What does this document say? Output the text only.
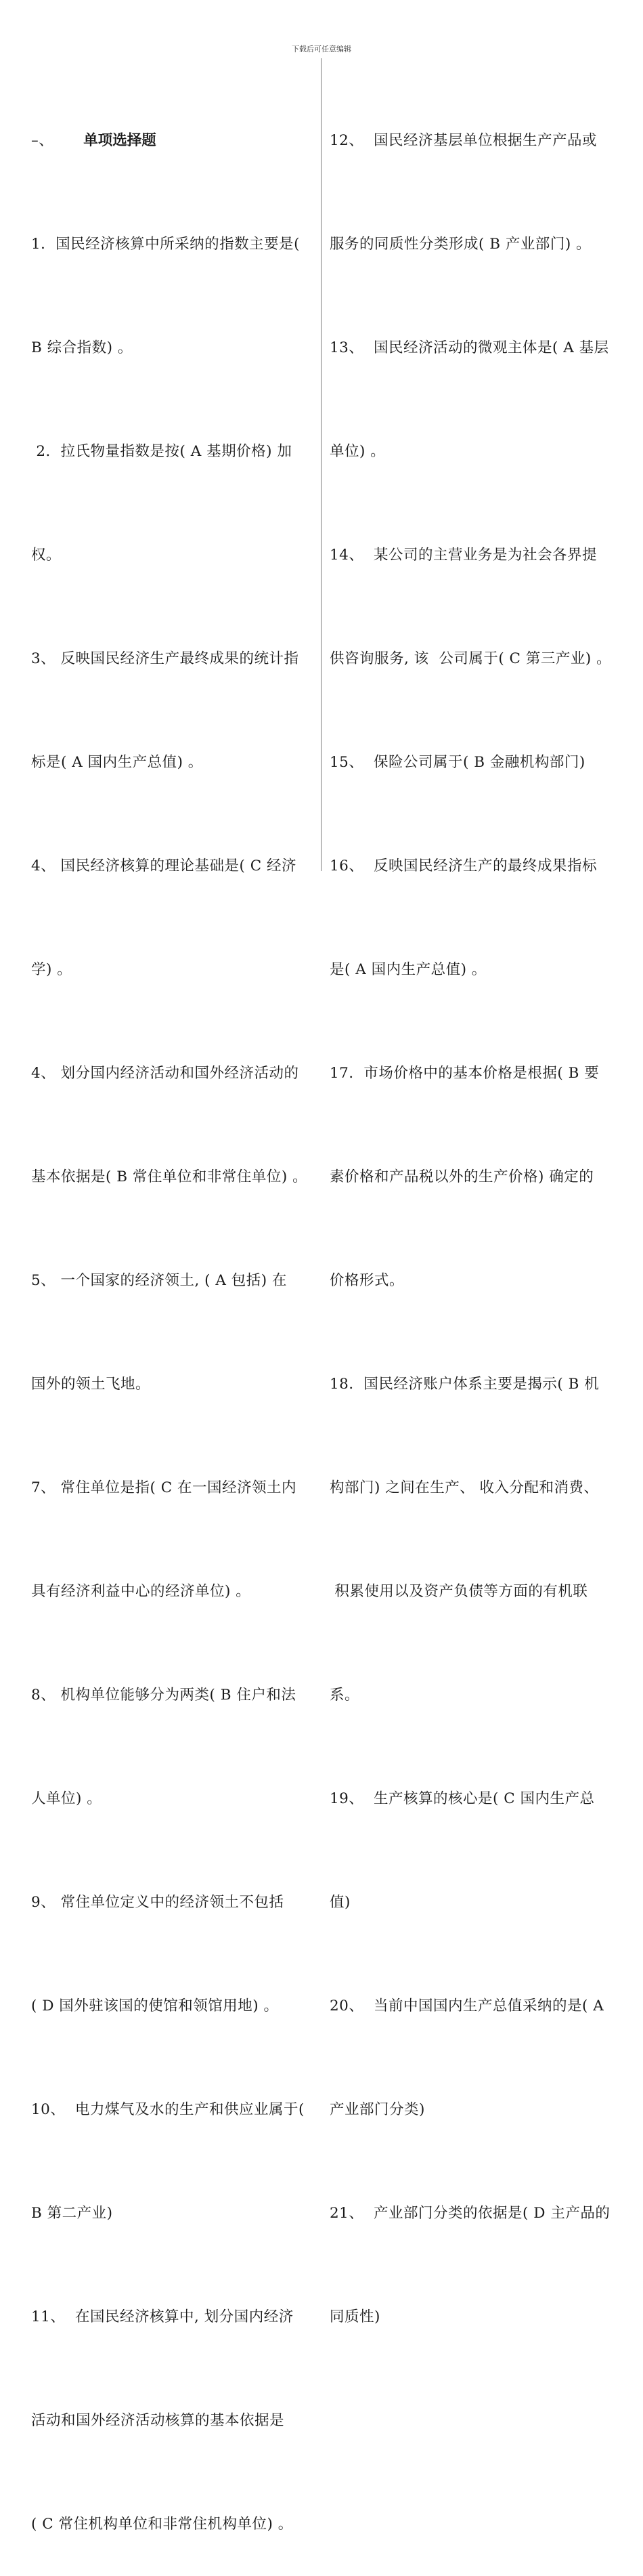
下载后可任意编辑

–、 单项选择题

1．国民经济核算中所采纳的指数主要是(

B 综合指数) 。

2．拉氏物量指数是按( A 基期价格) 加

权。

3、 反映国民经济生产最终成果的统计指

标是( A 国内生产总值) 。

4、 国民经济核算的理论基础是( C 经济

学) 。

4、 划分国内经济活动和国外经济活动的

基本依据是( B 常住单位和非常住单位) 。

5、 一个国家的经济领土, ( A 包括) 在

国外的领土飞地。

7、 常住单位是指( C 在一国经济领土内

具有经济利益中心的经济单位) 。

8、 机构单位能够分为两类( B 住户和法

人单位) 。

9、 常住单位定义中的经济领土不包括

( D 国外驻该国的使馆和领馆用地) 。

10、  电力煤气及水的生产和供应业属于(

B 第二产业)

11、  在国民经济核算中, 划分国内经济

活动和国外经济活动核算的基本依据是

( C 常住机构单位和非常住机构单位) 。

12、  国民经济基层单位根据生产产品或

服务的同质性分类形成( B 产业部门) 。

13、  国民经济活动的微观主体是( A 基层

单位) 。

14、  某公司的主营业务是为社会各界提

供咨询服务, 该  公司属于( C 第三产业) 。

15、  保险公司属于( B 金融机构部门)

16、  反映国民经济生产的最终成果指标

是( A 国内生产总值) 。

17．市场价格中的基本价格是根据( B 要

素价格和产品税以外的生产价格) 确定的

价格形式。

18．国民经济账户体系主要是揭示( B 机

构部门) 之间在生产、 收入分配和消费、

积累使用以及资产负债等方面的有机联

系。

19、  生产核算的核心是( C 国内生产总

值)

20、  当前中国国内生产总值采纳的是( A

产业部门分类)

21、  产业部门分类的依据是( D 主产品的

同质性)
